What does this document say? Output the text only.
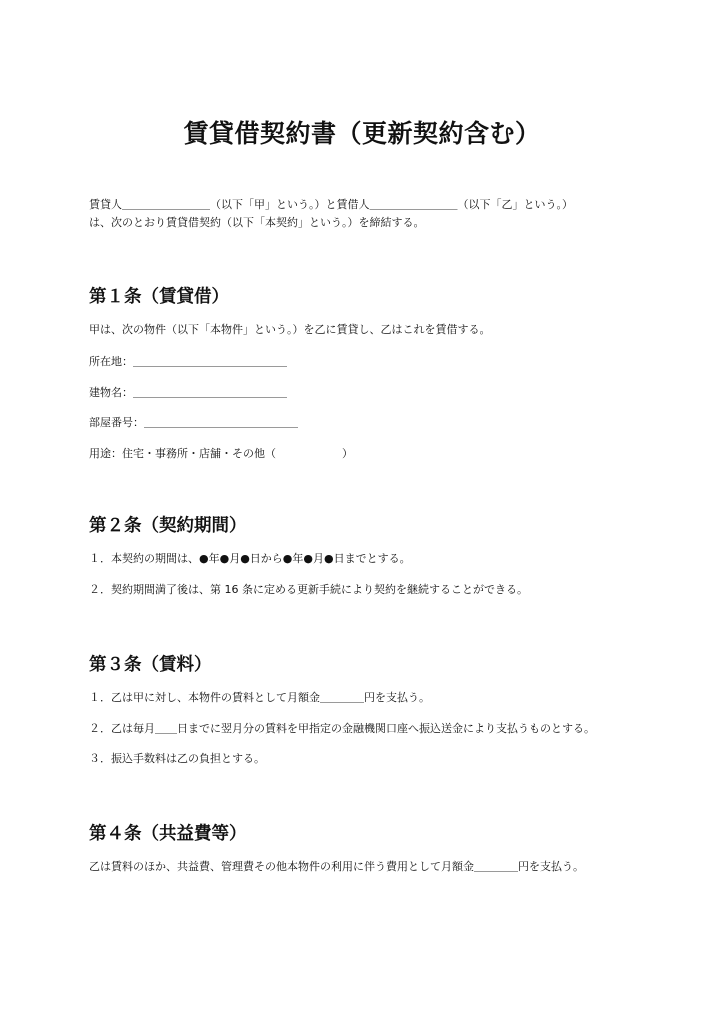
賃貸借契約書（更新契約含む）
賃貸人＿＿＿＿＿＿＿＿（以下「甲」という。）と賃借人＿＿＿＿＿＿＿＿（以下「乙」という。）
は、次のとおり賃貸借契約（以下「本契約」という。）を締結する。
第１条（賃貸借）
甲は、次の物件（以下「本物件」という。）を乙に賃貸し、乙はこれを賃借する。
所在地：＿＿＿＿＿＿＿＿＿＿＿＿＿＿
建物名：＿＿＿＿＿＿＿＿＿＿＿＿＿＿
部屋番号：＿＿＿＿＿＿＿＿＿＿＿＿＿＿
用途：住宅・事務所・店舗・その他（　　　　　　）
第２条（契約期間）
１．本契約の期間は、●年●月●日から●年●月●日までとする。
２．契約期間満了後は、第 16 条に定める更新手続により契約を継続することができる。
第３条（賃料）
１．乙は甲に対し、本物件の賃料として月額金＿＿＿＿円を支払う。
２．乙は毎月＿＿日までに翌月分の賃料を甲指定の金融機関口座へ振込送金により支払うものとする。
３．振込手数料は乙の負担とする。
第４条（共益費等）
乙は賃料のほか、共益費、管理費その他本物件の利用に伴う費用として月額金＿＿＿＿円を支払う。
